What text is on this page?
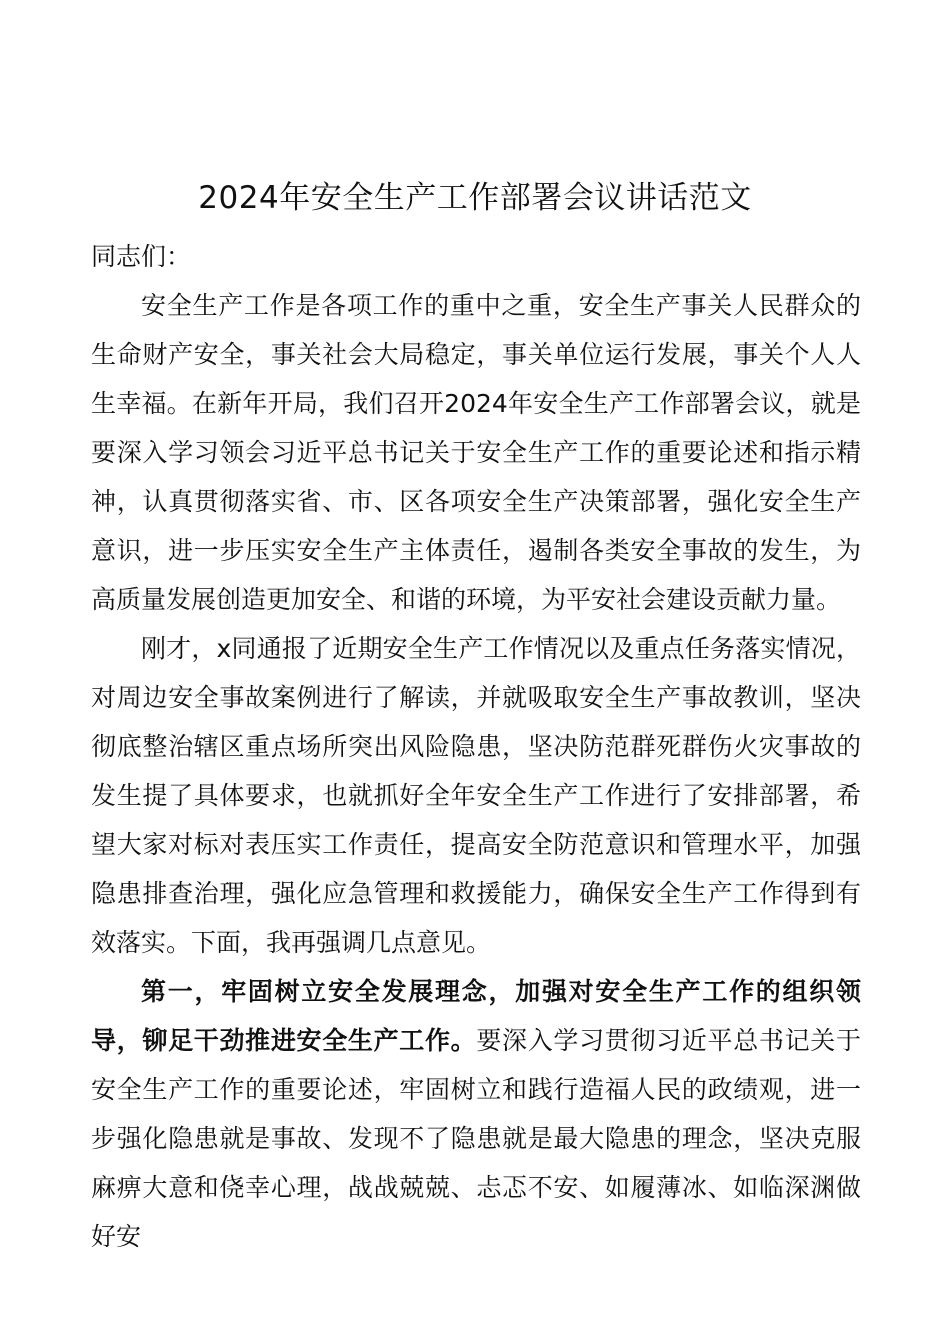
2024年安全生产工作部署会议讲话范文

同志们：

安全生产工作是各项工作的重中之重，安全生产事关人民群众的生命财产安全，事关社会大局稳定，事关单位运行发展，事关个人人生幸福。在新年开局，我们召开2024年安全生产工作部署会议，就是要深入学习领会习近平总书记关于安全生产工作的重要论述和指示精神，认真贯彻落实省、市、区各项安全生产决策部署，强化安全生产意识，进一步压实安全生产主体责任，遏制各类安全事故的发生，为高质量发展创造更加安全、和谐的环境，为平安社会建设贡献力量。

刚才，x同通报了近期安全生产工作情况以及重点任务落实情况，对周边安全事故案例进行了解读，并就吸取安全生产事故教训，坚决彻底整治辖区重点场所突出风险隐患，坚决防范群死群伤火灾事故的发生提了具体要求，也就抓好全年安全生产工作进行了安排部署，希望大家对标对表压实工作责任，提高安全防范意识和管理水平，加强隐患排查治理，强化应急管理和救援能力，确保安全生产工作得到有效落实。下面，我再强调几点意见。

第一，牢固树立安全发展理念，加强对安全生产工作的组织领导，铆足干劲推进安全生产工作。要深入学习贯彻习近平总书记关于安全生产工作的重要论述，牢固树立和践行造福人民的政绩观，进一步强化隐患就是事故、发现不了隐患就是最大隐患的理念，坚决克服麻痹大意和侥幸心理，战战兢兢、忐忑不安、如履薄冰、如临深渊做好安
